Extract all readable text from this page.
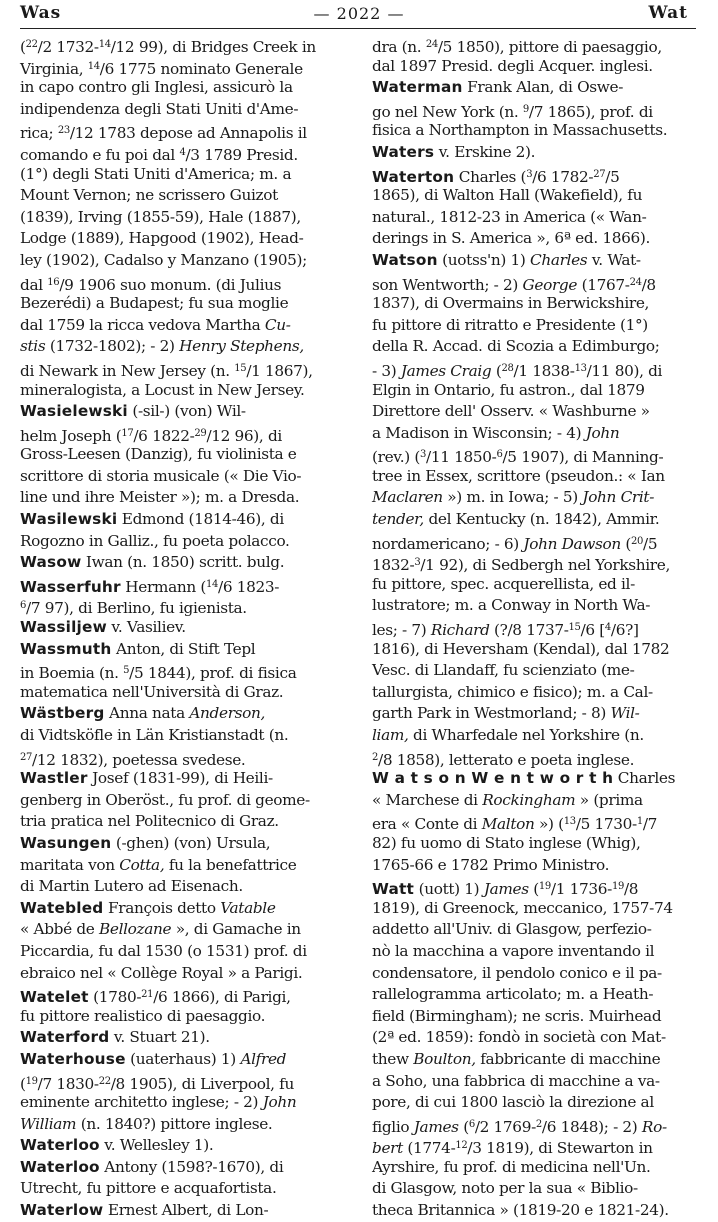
Was	— 2022 —	Wat
($^{22}$/2 1732-$^{14}$/12 99), di Bridges Creek in
Virginia, $^{14}$/6 1775 nominato Generale
in capo contro gli Inglesi, assicurò la
indipendenza degli Stati Uniti d'Ame-
rica; $^{23}$/12 1783 depose ad Annapolis il
comando e fu poi dal $^4$/3 1789 Presid.
(1°) degli Stati Uniti d'America; m. a
Mount Vernon; ne scrissero Guizot
(1839), Irving (1855-59), Hale (1887),
Lodge (1889), Hapgood (1902), Head-
ley (1902), Cadalso y Manzano (1905);
dal $^{16}$/9 1906 suo monum. (di Julius
Bezerédi) a Budapest; fu sua moglie
dal 1759 la ricca vedova Martha Cu-
stis (1732-1802); - 2) Henry Stephens,
di Newark in New Jersey (n. $^{15}$/1 1867),
mineralogista, a Locust in New Jersey.
Wasielewski (-sil-) (von) Wil-
helm Joseph ($^{17}$/6 1822-$^{29}$/12 96), di
Gross-Leesen (Danzig), fu violinista e
scrittore di storia musicale (« Die Vio-
line und ihre Meister »); m. a Dresda.
Wasilewski Edmond (1814-46), di
Rogozno in Galliz., fu poeta polacco.
Wasow Iwan (n. 1850) scritt. bulg.
Wasserfuhr Hermann ($^{14}$/6 1823-
$^6$/7 97), di Berlino, fu igienista.
Wassiljew v. Vasiliev.
Wassmuth Anton, di Stift Tepl
in Boemia (n. $^5$/5 1844), prof. di fisica
matematica nell'Università di Graz.
Wästberg Anna nata Anderson,
di Vidtsköfle in Län Kristianstadt (n.
$^{27}$/12 1832), poetessa svedese.
Wastler Josef (1831-99), di Heili-
genberg in Oberöst., fu prof. di geome-
tria pratica nel Politecnico di Graz.
Wasungen (-ghen) (von) Ursula,
maritata von Cotta, fu la benefattrice
di Martin Lutero ad Eisenach.
Watebled François detto Vatable
« Abbé de Bellozane », di Gamache in
Piccardia, fu dal 1530 (o 1531) prof. di
ebraico nel « Collège Royal » a Parigi.
Watelet (1780-$^{21}$/6 1866), di Parigi,
fu pittore realistico di paesaggio.
Waterford v. Stuart 21).
Waterhouse (uaterhaus) 1) Alfred
($^{19}$/7 1830-$^{22}$/8 1905), di Liverpool, fu
eminente architetto inglese; - 2) John
William (n. 1840?) pittore inglese.
Waterloo v. Wellesley 1).
Waterloo Antony (1598?-1670), di
Utrecht, fu pittore e acquafortista.
Waterlow Ernest Albert, di Lon-
dra (n. $^{24}$/5 1850), pittore di paesaggio,
dal 1897 Presid. degli Acquer. inglesi.
Waterman Frank Alan, di Oswe-
go nel New York (n. $^9$/7 1865), prof. di
fisica a Northampton in Massachusetts.
Waters v. Erskine 2).
Waterton Charles ($^3$/6 1782-$^{27}$/5
1865), di Walton Hall (Wakefield), fu
natural., 1812-23 in America (« Wan-
derings in S. America », 6ª ed. 1866).
Watson (uotss'n) 1) Charles v. Wat-
son Wentworth; - 2) George (1767-$^{24}$/8
1837), di Overmains in Berwickshire,
fu pittore di ritratto e Presidente (1°)
della R. Accad. di Scozia a Edimburgo;
- 3) James Craig ($^{28}$/1 1838-$^{13}$/11 80), di
Elgin in Ontario, fu astron., dal 1879
Direttore dell' Osserv. « Washburne »
a Madison in Wisconsin; - 4) John
(rev.) ($^3$/11 1850-$^6$/5 1907), di Manning-
tree in Essex, scrittore (pseudon.: « Ian
Maclaren ») m. in Iowa; - 5) John Crit-
tender, del Kentucky (n. 1842), Ammir.
nordamericano; - 6) John Dawson ($^{20}$/5
1832-$^3$/1 92), di Sedbergh nel Yorkshire,
fu pittore, spec. acquerellista, ed il-
lustratore; m. a Conway in North Wa-
les; - 7) Richard (?/8 1737-$^{15}$/6 [$^4$/6?]
1816), di Heversham (Kendal), dal 1782
Vesc. di Llandaff, fu scienziato (me-
tallurgista, chimico e fisico); m. a Cal-
garth Park in Westmorland; - 8) Wil-
liam, di Wharfedale nel Yorkshire (n.
$^2$/8 1858), letterato e poeta inglese.
W a t s o n W e n t w o r t h Charles
« Marchese di Rockingham » (prima
era « Conte di Malton ») ($^{13}$/5 1730-$^1$/7
82) fu uomo di Stato inglese (Whig),
1765-66 e 1782 Primo Ministro.
Watt (uott) 1) James ($^{19}$/1 1736-$^{19}$/8
1819), di Greenock, meccanico, 1757-74
addetto all'Univ. di Glasgow, perfezio-
nò la macchina a vapore inventando il
condensatore, il pendolo conico e il pa-
rallelogramma articolato; m. a Heath-
field (Birmingham); ne scris. Muirhead
(2ª ed. 1859): fondò in società con Mat-
thew Boulton, fabbricante di macchine
a Soho, una fabbrica di macchine a va-
pore, di cui 1800 lasciò la direzione al
figlio James ($^6$/2 1769-$^2$/6 1848); - 2) Ro-
bert (1774-$^{12}$/3 1819), di Stewarton in
Ayrshire, fu prof. di medicina nell'Un.
di Glasgow, noto per la sua « Biblio-
theca Britannica » (1819-20 e 1821-24).
